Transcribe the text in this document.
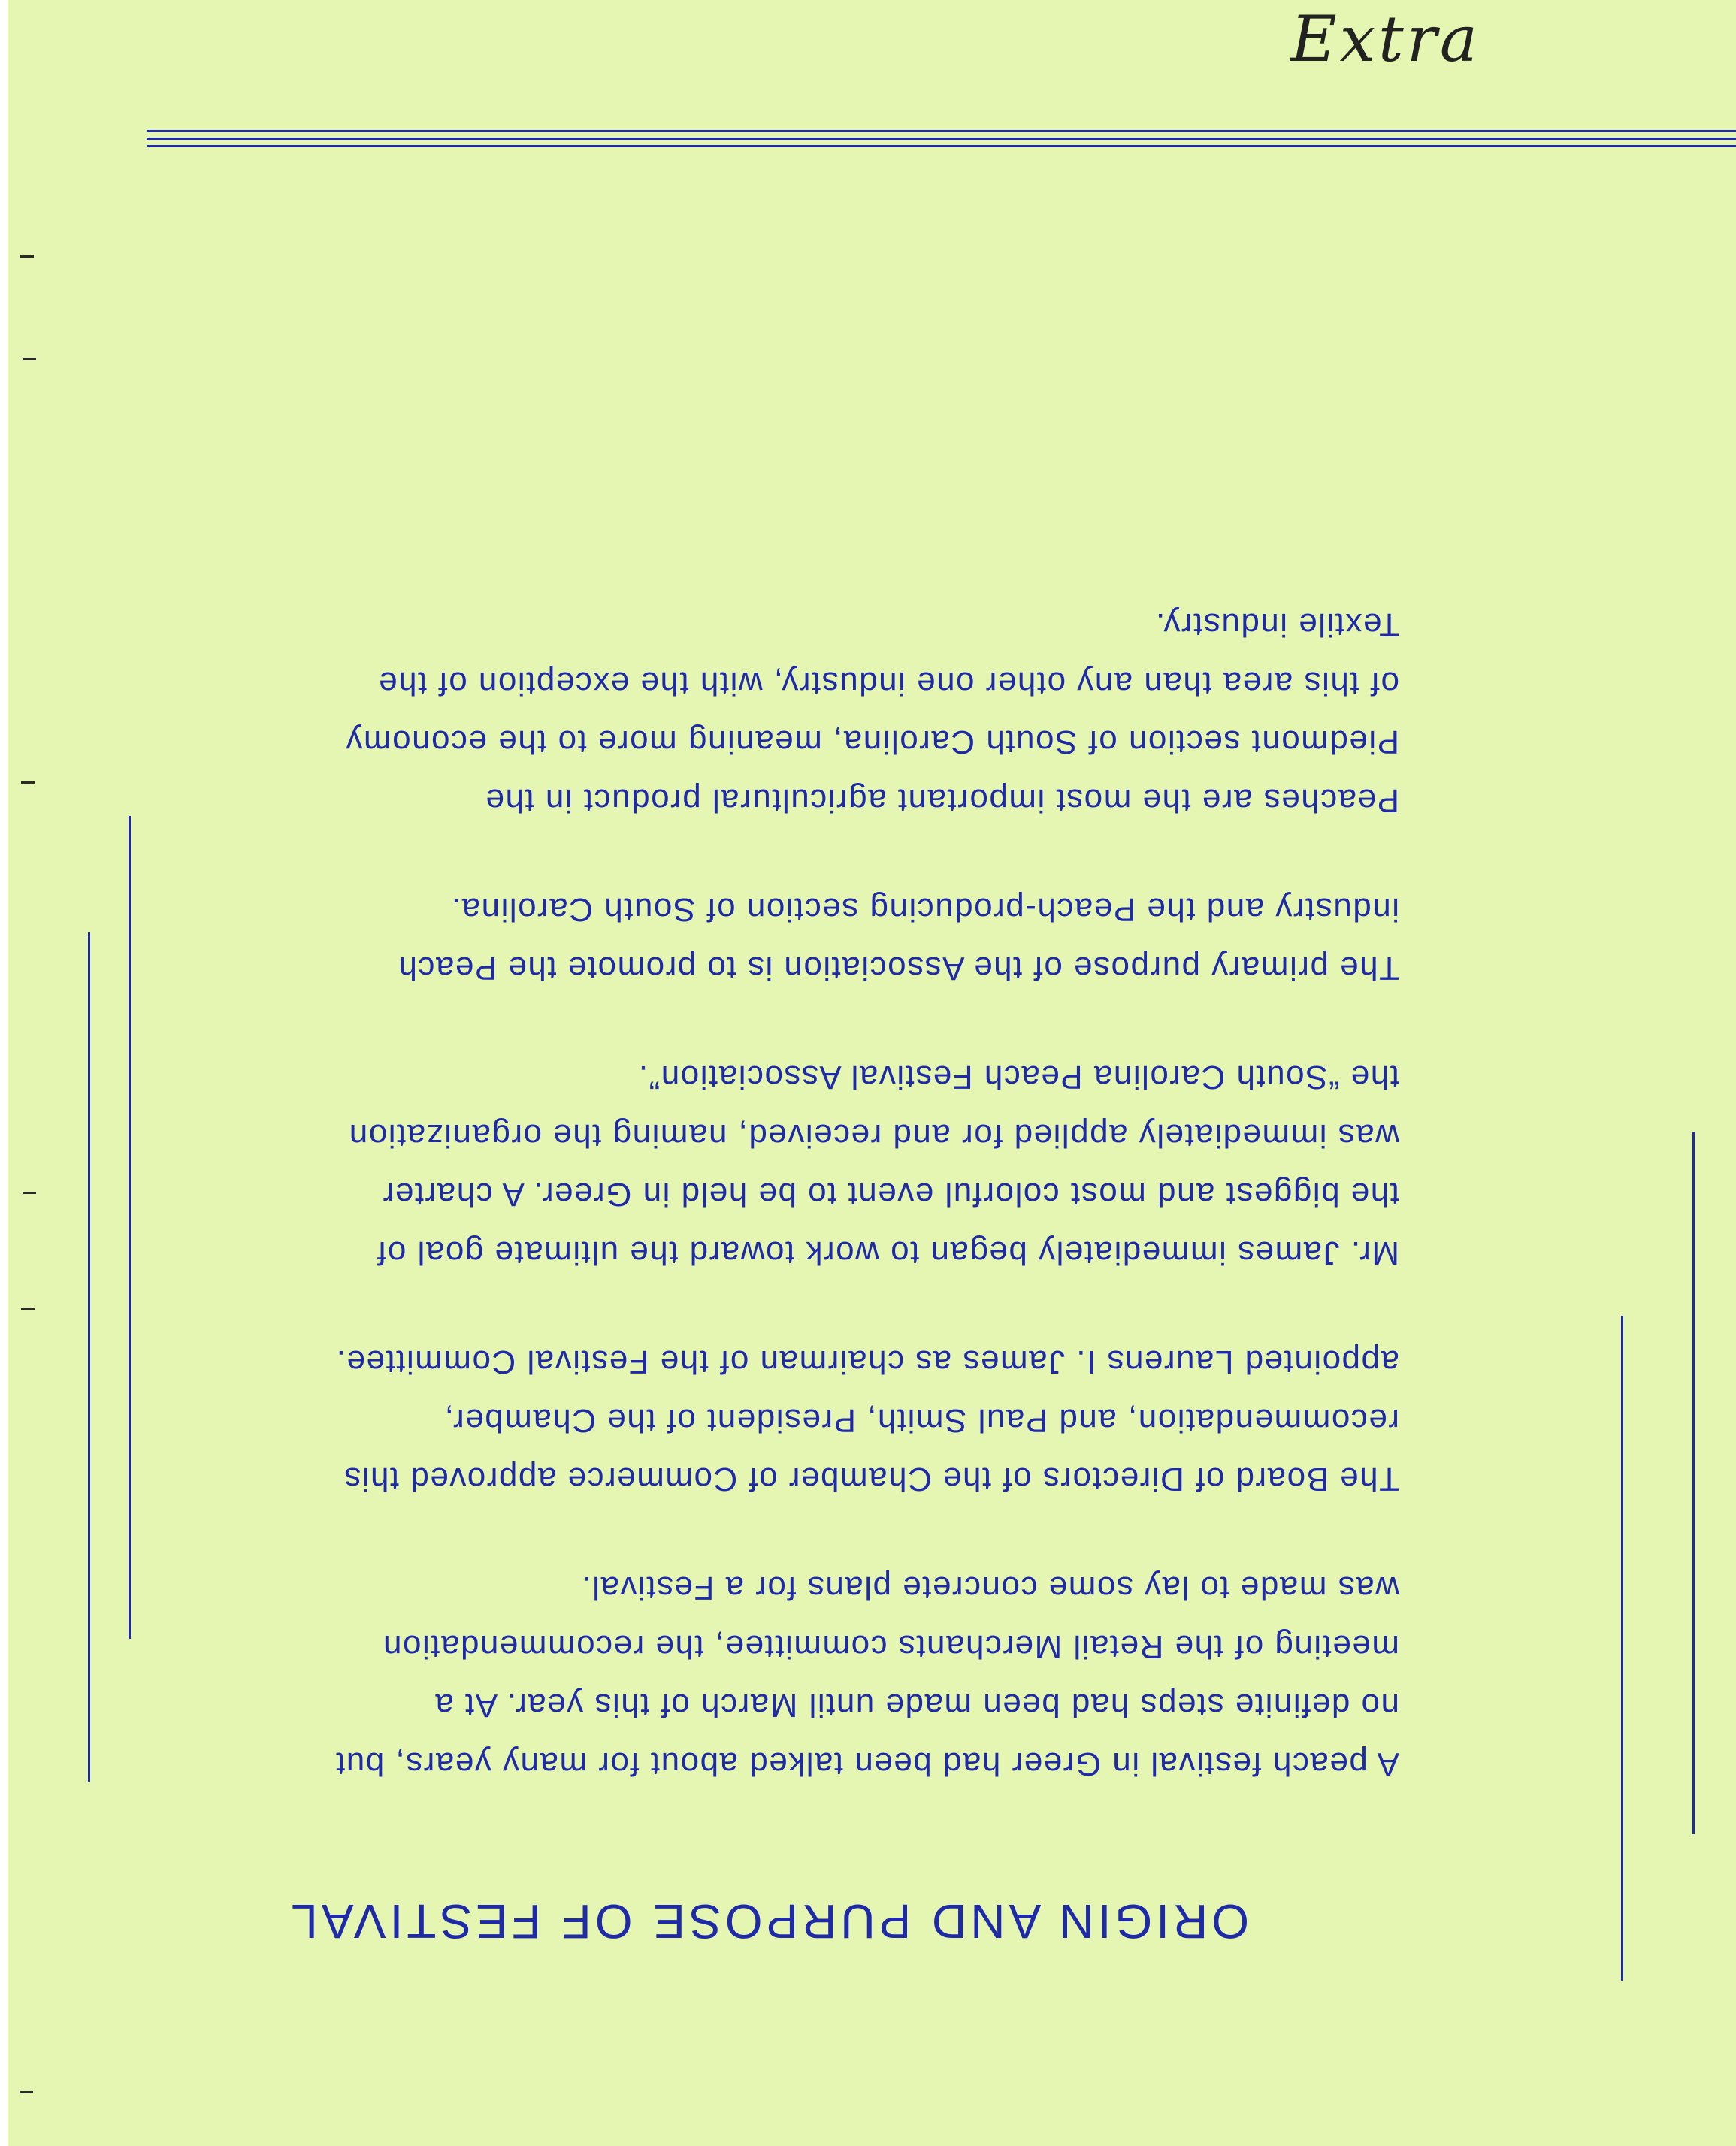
ORIGIN AND PURPOSE OF FESTIVAL

A peach festival in Greer had been talked about for many years, but no definite steps had been made until March of this year. At a meeting of the Retail Merchants committee, the recommendation was made to lay some concrete plans for a Festival.

The Board of Directors of the Chamber of Commerce approved this recommendation, and Paul Smith, President of the Chamber, appointed Laurens I. James as chairman of the Festival Committee.

Mr. James immediately began to work toward the ultimate goal of the biggest and most colorful event to be held in Greer. A charter was immediately applied for and received, naming the organization the “South Carolina Peach Festival Association”.

The primary purpose of the Association is to promote the Peach industry and the Peach-producing section of South Carolina.

Peaches are the most important agricultural product in the Piedmont section of South Carolina, meaning more to the economy of this area than any other one industry, with the exception of the Textile industry.

Extra
